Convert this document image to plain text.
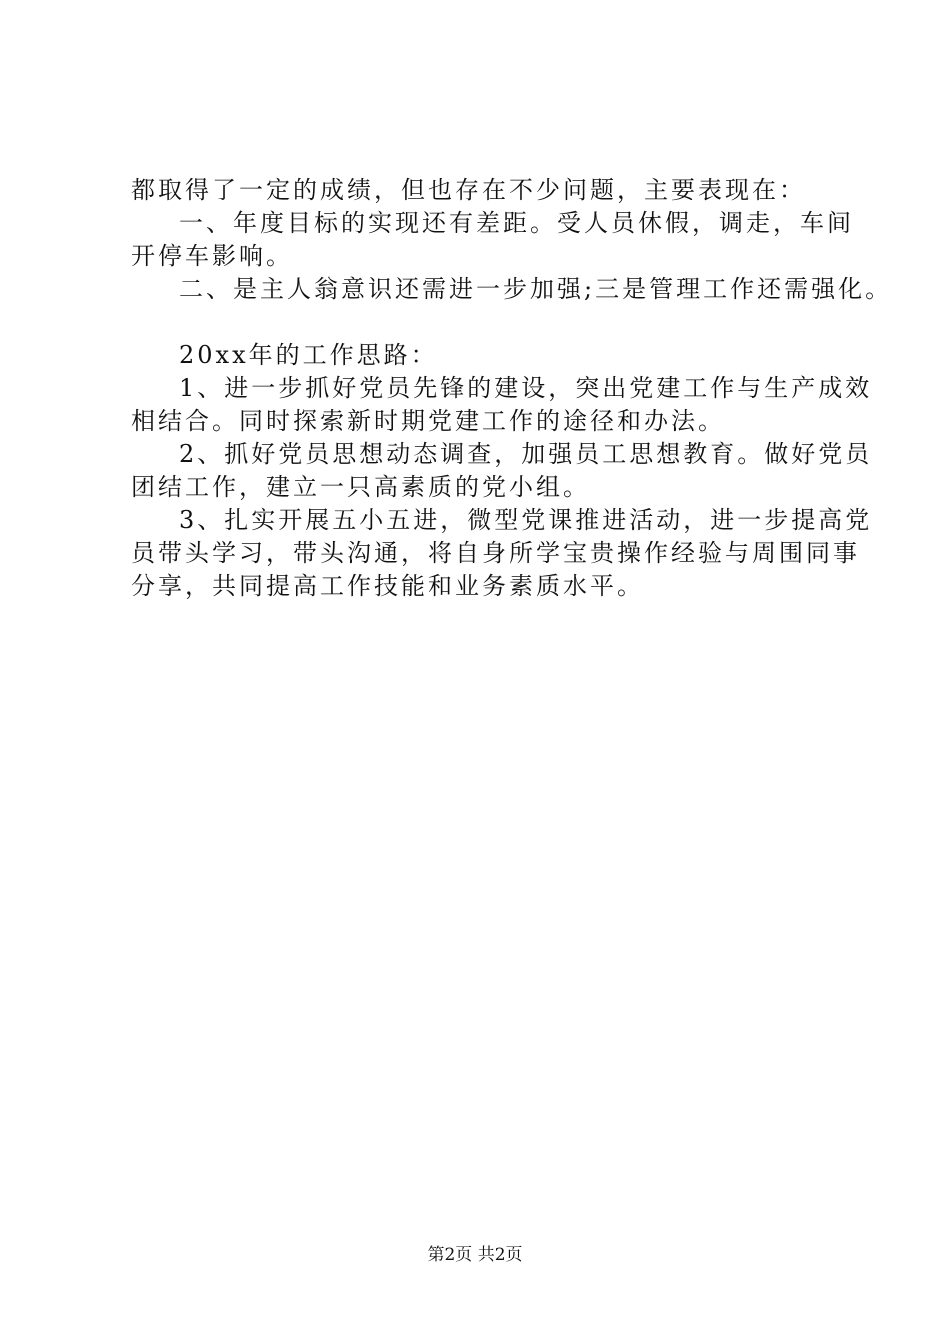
都取得了一定的成绩，但也存在不少问题，主要表现在：
一、年度目标的实现还有差距。受人员休假，调走，车间
开停车影响。
二、是主人翁意识还需进一步加强;三是管理工作还需强化。
20xx年的工作思路：
1、进一步抓好党员先锋的建设，突出党建工作与生产成效
相结合。同时探索新时期党建工作的途径和办法。
2、抓好党员思想动态调查，加强员工思想教育。做好党员
团结工作，建立一只高素质的党小组。
3、扎实开展五小五进，微型党课推进活动，进一步提高党
员带头学习，带头沟通，将自身所学宝贵操作经验与周围同事
分享，共同提高工作技能和业务素质水平。
第2页 共2页
